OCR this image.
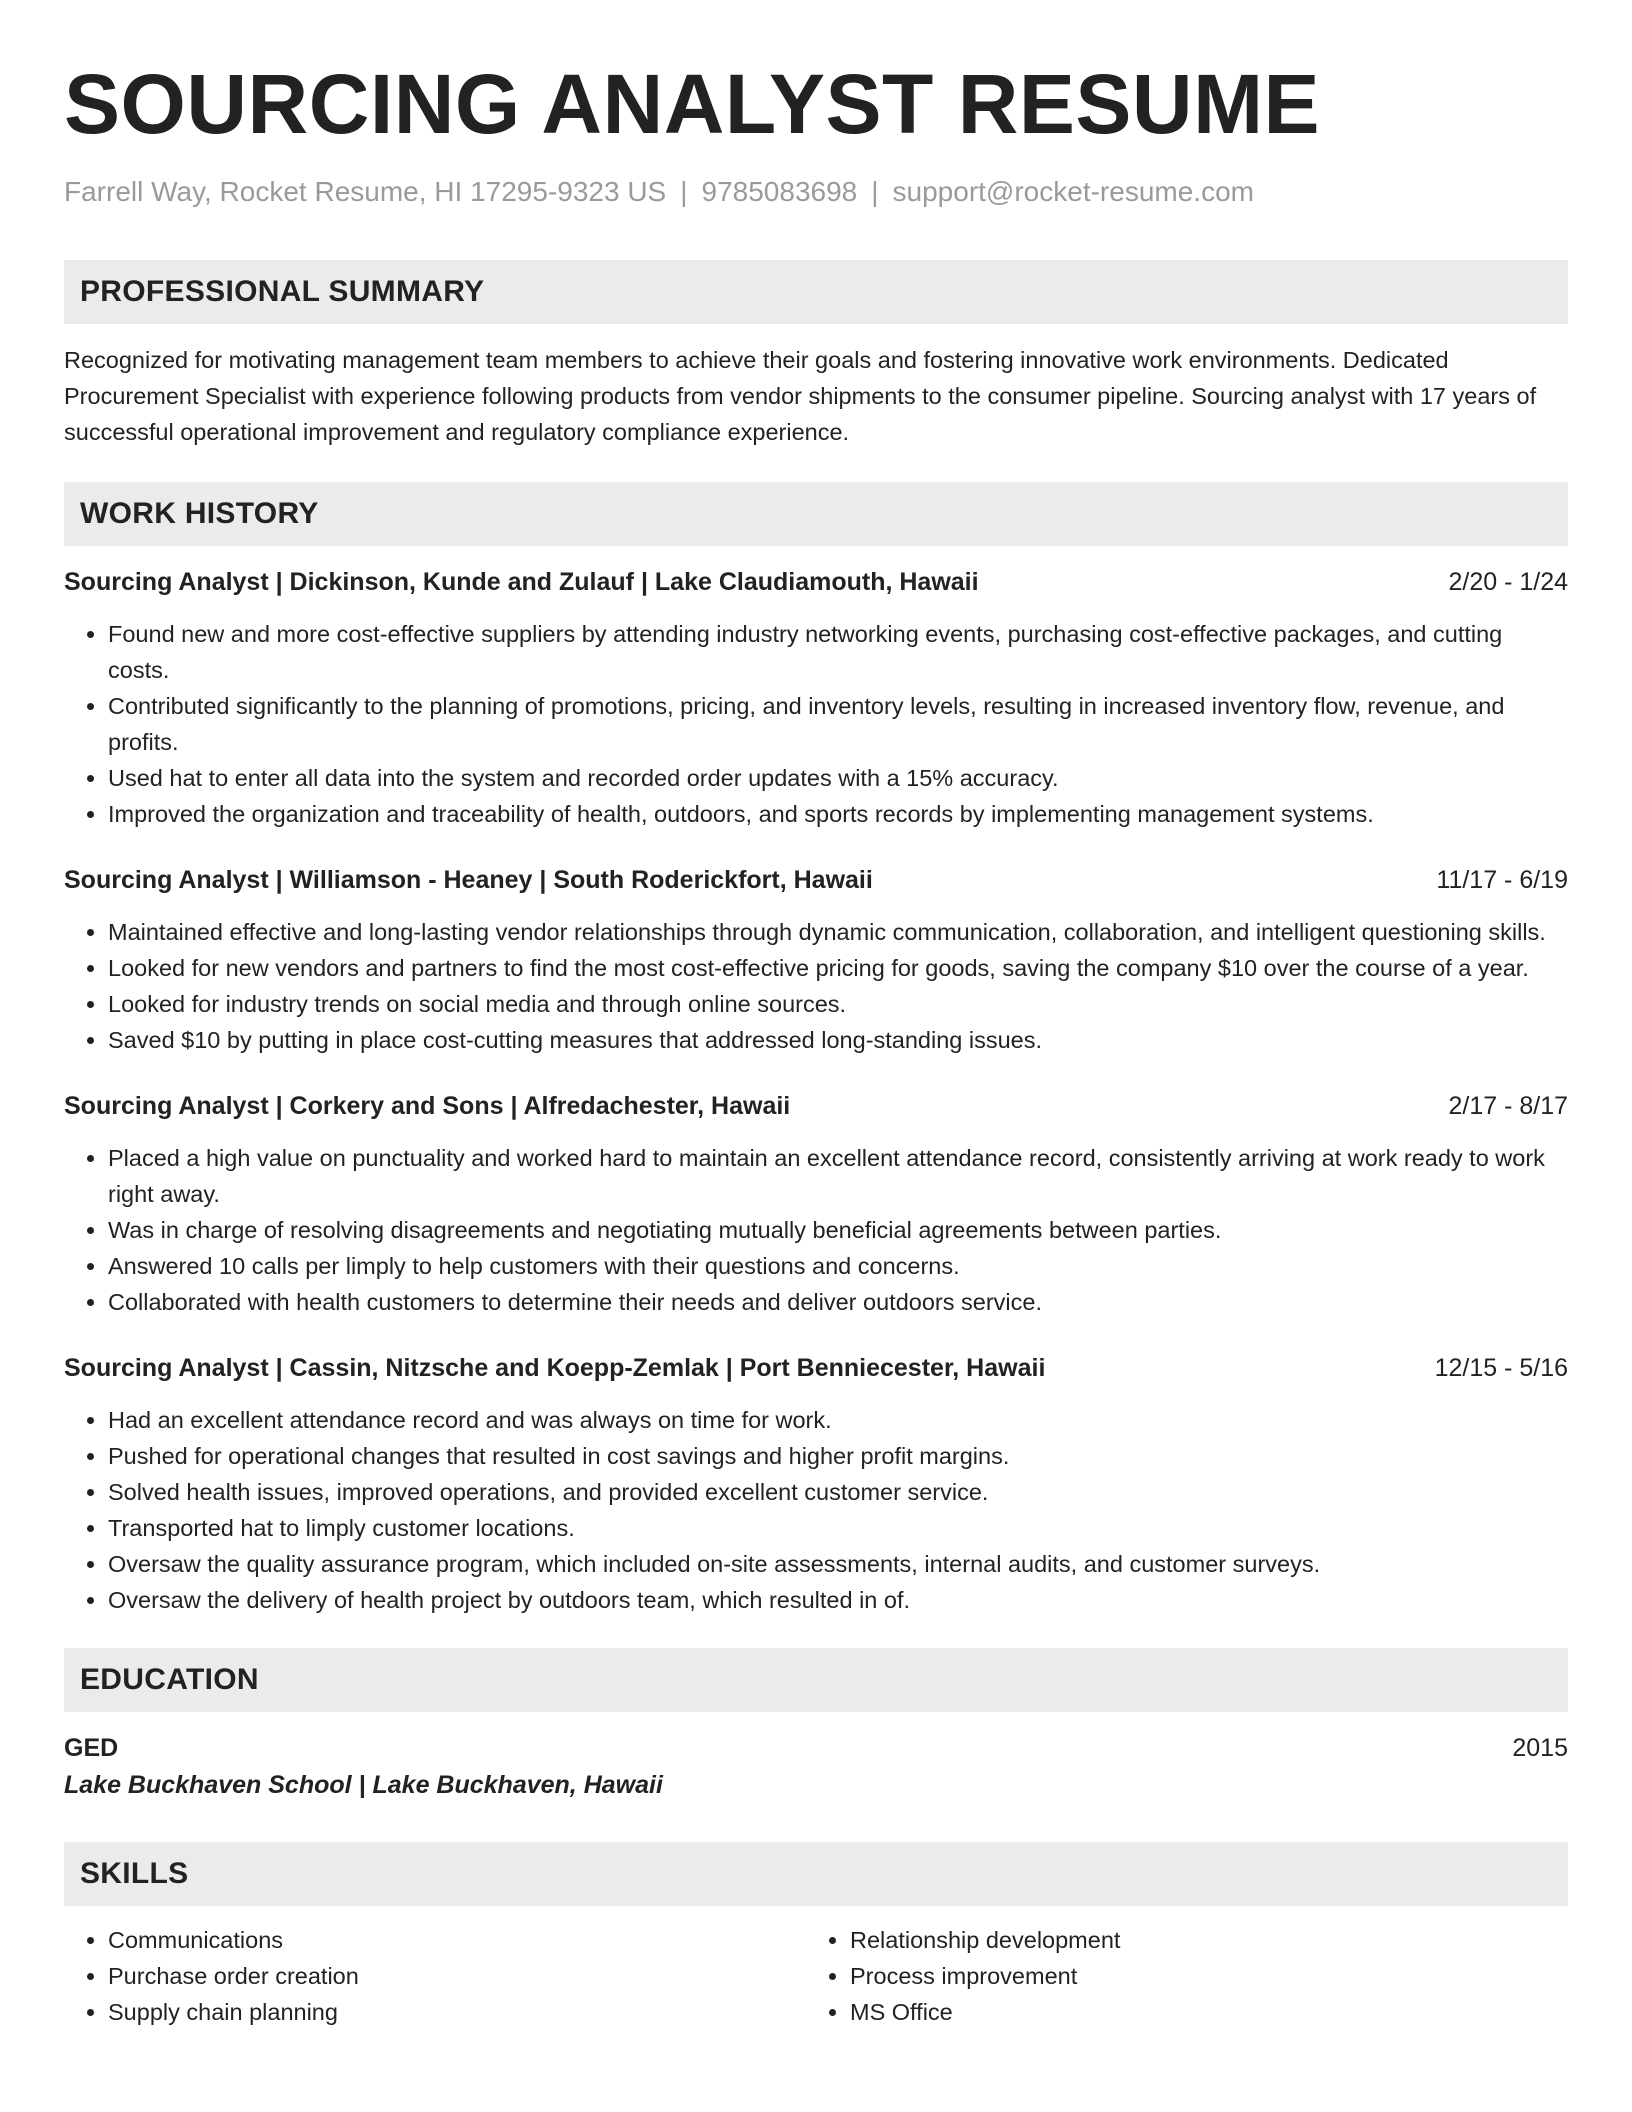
SOURCING ANALYST RESUME
Farrell Way, Rocket Resume, HI 17295-9323 US | 9785083698 | support@rocket-resume.com
PROFESSIONAL SUMMARY

Recognized for motivating management team members to achieve their goals and fostering innovative work environments. Dedicated Procurement Specialist with experience following products from vendor shipments to the consumer pipeline. Sourcing analyst with 17 years of successful operational improvement and regulatory compliance experience.

WORK HISTORY
Sourcing Analyst | Dickinson, Kunde and Zulauf | Lake Claudiamouth, Hawaii	2/20 - 1/24
• Found new and more cost-effective suppliers by attending industry networking events, purchasing cost-effective packages, and cutting costs.
• Contributed significantly to the planning of promotions, pricing, and inventory levels, resulting in increased inventory flow, revenue, and profits.
• Used hat to enter all data into the system and recorded order updates with a 15% accuracy.
• Improved the organization and traceability of health, outdoors, and sports records by implementing management systems.
Sourcing Analyst | Williamson - Heaney | South Roderickfort, Hawaii	11/17 - 6/19
• Maintained effective and long-lasting vendor relationships through dynamic communication, collaboration, and intelligent questioning skills.
• Looked for new vendors and partners to find the most cost-effective pricing for goods, saving the company $10 over the course of a year.
• Looked for industry trends on social media and through online sources.
• Saved $10 by putting in place cost-cutting measures that addressed long-standing issues.
Sourcing Analyst | Corkery and Sons | Alfredachester, Hawaii	2/17 - 8/17
• Placed a high value on punctuality and worked hard to maintain an excellent attendance record, consistently arriving at work ready to work right away.
• Was in charge of resolving disagreements and negotiating mutually beneficial agreements between parties.
• Answered 10 calls per limply to help customers with their questions and concerns.
• Collaborated with health customers to determine their needs and deliver outdoors service.
Sourcing Analyst | Cassin, Nitzsche and Koepp-Zemlak | Port Benniecester, Hawaii	12/15 - 5/16
• Had an excellent attendance record and was always on time for work.
• Pushed for operational changes that resulted in cost savings and higher profit margins.
• Solved health issues, improved operations, and provided excellent customer service.
• Transported hat to limply customer locations.
• Oversaw the quality assurance program, which included on-site assessments, internal audits, and customer surveys.
• Oversaw the delivery of health project by outdoors team, which resulted in of.
EDUCATION
GED	2015
Lake Buckhaven School | Lake Buckhaven, Hawaii
SKILLS
• Communications
• Purchase order creation
• Supply chain planning
• Relationship development
• Process improvement
• MS Office
